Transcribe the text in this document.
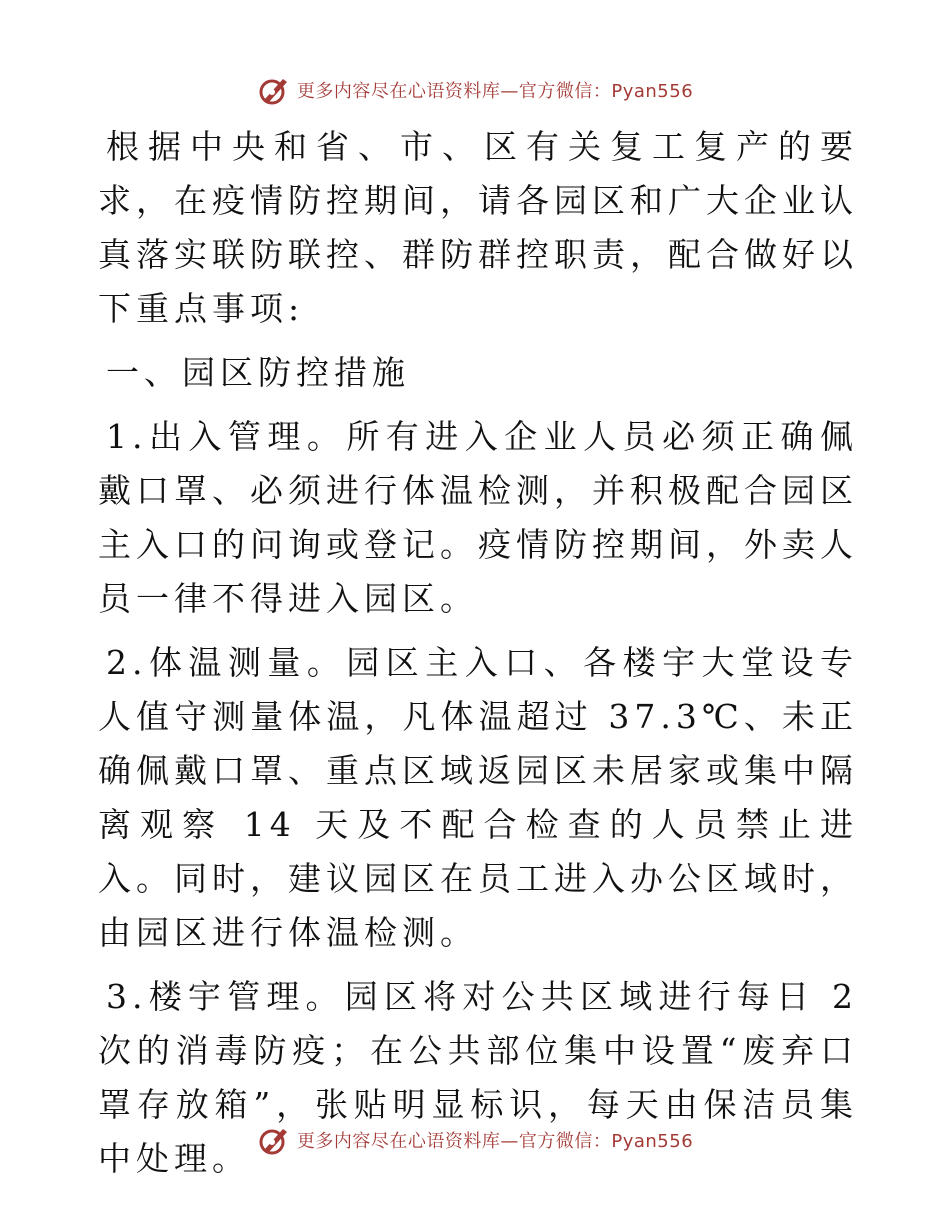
更多内容尽在心语资料库—官方微信：Pyan556

根据中央和省、市、区有关复工复产的要求，在疫情防控期间，请各园区和广大企业认真落实联防联控、群防群控职责，配合做好以下重点事项:

一、园区防控措施

1.出入管理。所有进入企业人员必须正确佩戴口罩、必须进行体温检测，并积极配合园区主入口的问询或登记。疫情防控期间，外卖人员一律不得进入园区。

2.体温测量。园区主入口、各楼宇大堂设专人值守测量体温，凡体温超过 37.3℃、未正确佩戴口罩、重点区域返园区未居家或集中隔离观察 14 天及不配合检查的人员禁止进入。同时，建议园区在员工进入办公区域时，由园区进行体温检测。

3.楼宇管理。园区将对公共区域进行每日 2 次的消毒防疫；在公共部位集中设置“废弃口罩存放箱”，张贴明显标识，每天由保洁员集中处理。	更多内容尽在心语资料库—官方微信：Pyan556
